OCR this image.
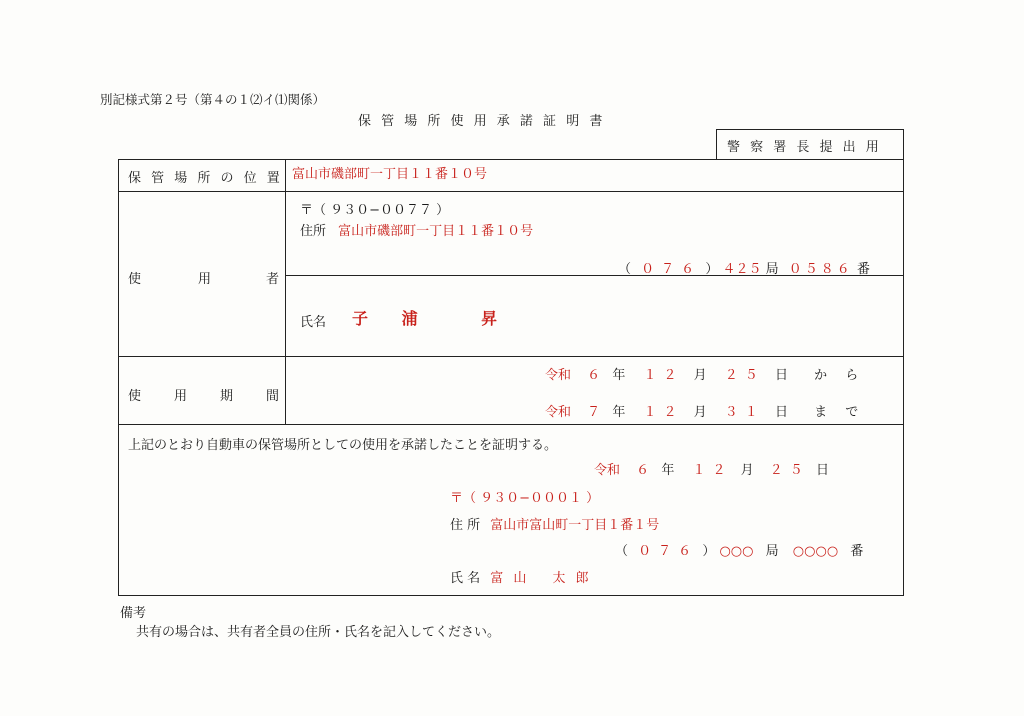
別記様式第２号（第４の１⑵イ⑴関係）
保 管 場 所 使 用 承 諾 証 明 書
警 察 署 長 提 出 用
保 管 場 所 の 位 置 富山市磯部町一丁目１１番１０号
使	用	者
〒（ ９３０−００７７ ）
住所 富山市磯部町一丁目１１番１０号
（ ０７６ ） ４２５ 局 ０５８６ 番
氏名 子 浦　 昇
使	用	期	間
令和 ６ 年 １２ 月 ２５ 日 か ら
令和 ７ 年 １２ 月 ３１ 日 ま で
上記のとおり自動車の保管場所としての使用を承諾したことを証明する。
令和 ６ 年 １２ 月 ２５ 日
〒（ ９３０−０００１ ）
住 所 富山市富山町一丁目１番１号
（ ０７６ ） ○○○ 局 ○○○○ 番
氏 名 富 山　 太 郎
備考
共有の場合は、共有者全員の住所・氏名を記入してください。
